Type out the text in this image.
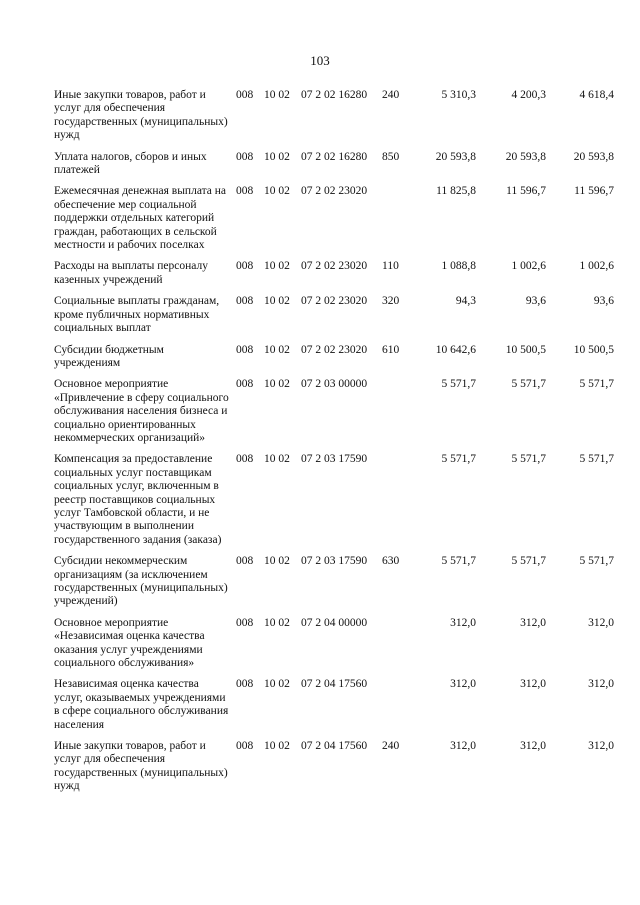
103
Иные закупки товаров, работ и услуг для обеспечения государственных (муниципальных) нужд	008	10 02	07 2 02 16280	240	5 310,3	4 200,3	4 618,4
Уплата налогов, сборов и иных платежей	008	10 02	07 2 02 16280	850	20 593,8	20 593,8	20 593,8
Ежемесячная денежная выплата на обеспечение мер социальной поддержки отдельных категорий граждан, работающих в сельской местности и рабочих поселках	008	10 02	07 2 02 23020		11 825,8	11 596,7	11 596,7
Расходы на выплаты персоналу казенных учреждений	008	10 02	07 2 02 23020	110	1 088,8	1 002,6	1 002,6
Социальные выплаты гражданам, кроме публичных нормативных социальных выплат	008	10 02	07 2 02 23020	320	94,3	93,6	93,6
Субсидии бюджетным учреждениям	008	10 02	07 2 02 23020	610	10 642,6	10 500,5	10 500,5
Основное мероприятие «Привлечение в сферу социального обслуживания населения бизнеса и социально ориентированных некоммерческих организаций»	008	10 02	07 2 03 00000		5 571,7	5 571,7	5 571,7
Компенсация за предоставление социальных услуг поставщикам социальных услуг, включенным в реестр поставщиков социальных услуг Тамбовской области, и не участвующим в выполнении государственного задания (заказа)	008	10 02	07 2 03 17590		5 571,7	5 571,7	5 571,7
Субсидии некоммерческим организациям (за исключением государственных (муниципальных) учреждений)	008	10 02	07 2 03 17590	630	5 571,7	5 571,7	5 571,7
Основное мероприятие «Независимая оценка качества оказания услуг учреждениями социального обслуживания»	008	10 02	07 2 04 00000		312,0	312,0	312,0
Независимая оценка качества услуг, оказываемых учреждениями в сфере социального обслуживания населения	008	10 02	07 2 04 17560		312,0	312,0	312,0
Иные закупки товаров, работ и услуг для обеспечения государственных (муниципальных) нужд	008	10 02	07 2 04 17560	240	312,0	312,0	312,0
